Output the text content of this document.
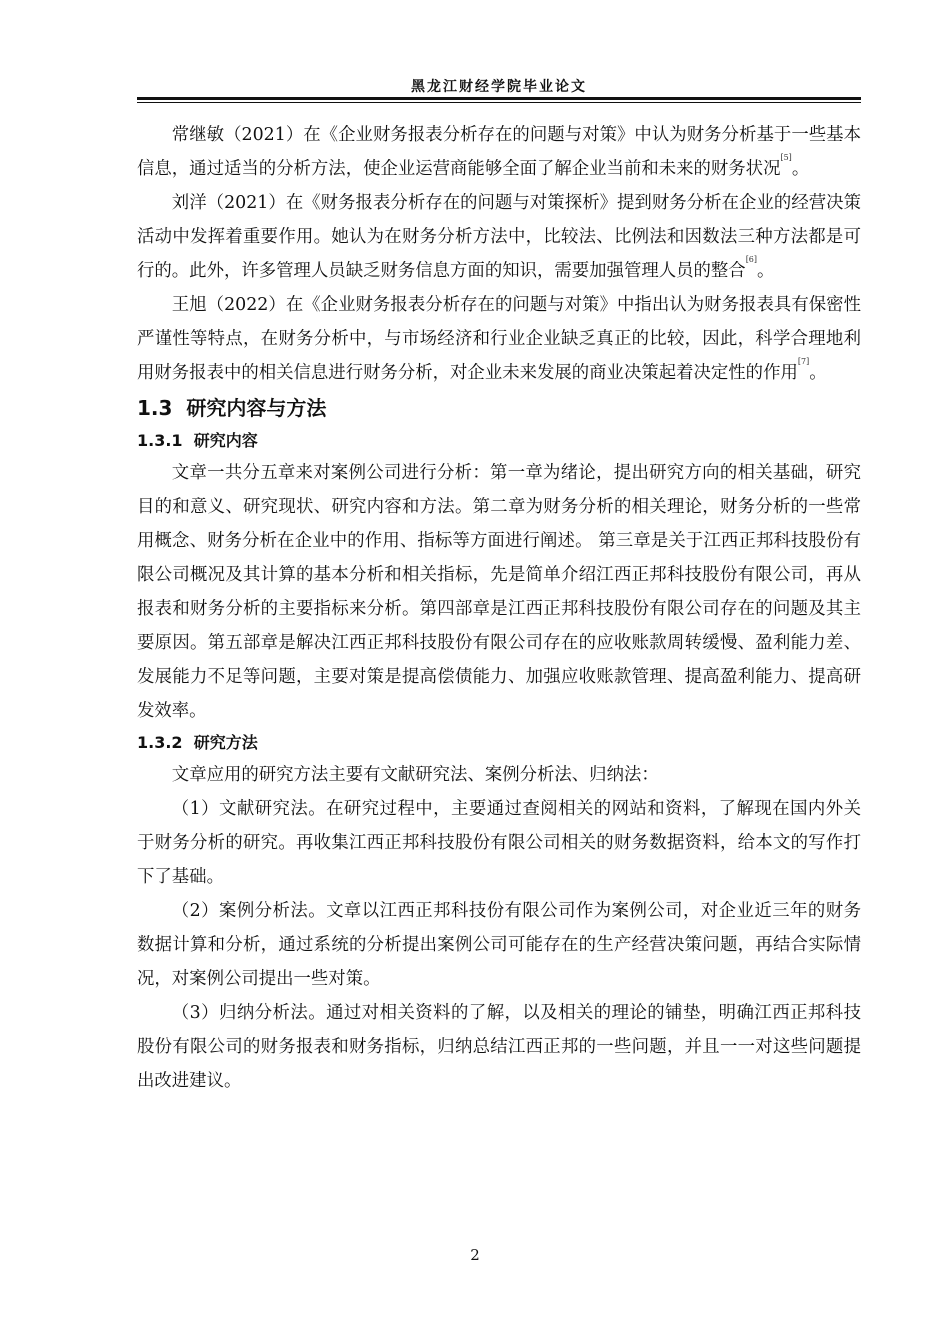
黑龙江财经学院毕业论文

常继敏（2021）在《企业财务报表分析存在的问题与对策》中认为财务分析基于一些基本信息，通过适当的分析方法，使企业运营商能够全面了解企业当前和未来的财务状况[5]。

刘洋（2021）在《财务报表分析存在的问题与对策探析》提到财务分析在企业的经营决策活动中发挥着重要作用。她认为在财务分析方法中，比较法、比例法和因数法三种方法都是可行的。此外，许多管理人员缺乏财务信息方面的知识，需要加强管理人员的整合[6]。

王旭（2022）在《企业财务报表分析存在的问题与对策》中指出认为财务报表具有保密性严谨性等特点，在财务分析中，与市场经济和行业企业缺乏真正的比较，因此，科学合理地利用财务报表中的相关信息进行财务分析，对企业未来发展的商业决策起着决定性的作用[7]。

1.3 研究内容与方法
1.3.1 研究内容

文章一共分五章来对案例公司进行分析：第一章为绪论，提出研究方向的相关基础，研究目的和意义、研究现状、研究内容和方法。第二章为财务分析的相关理论，财务分析的一些常用概念、财务分析在企业中的作用、指标等方面进行阐述。 第三章是关于江西正邦科技股份有限公司概况及其计算的基本分析和相关指标，先是简单介绍江西正邦科技股份有限公司，再从报表和财务分析的主要指标来分析。第四部章是江西正邦科技股份有限公司存在的问题及其主要原因。第五部章是解决江西正邦科技股份有限公司存在的应收账款周转缓慢、盈利能力差、发展能力不足等问题，主要对策是提高偿债能力、加强应收账款管理、提高盈利能力、提高研发效率。

1.3.2 研究方法

文章应用的研究方法主要有文献研究法、案例分析法、归纳法：

（1）文献研究法。在研究过程中，主要通过查阅相关的网站和资料，了解现在国内外关于财务分析的研究。再收集江西正邦科技股份有限公司相关的财务数据资料，给本文的写作打下了基础。

（2）案例分析法。文章以江西正邦科技份有限公司作为案例公司，对企业近三年的财务数据计算和分析，通过系统的分析提出案例公司可能存在的生产经营决策问题，再结合实际情况，对案例公司提出一些对策。

（3）归纳分析法。通过对相关资料的了解，以及相关的理论的铺垫，明确江西正邦科技股份有限公司的财务报表和财务指标，归纳总结江西正邦的一些问题，并且一一对这些问题提出改进建议。

2
